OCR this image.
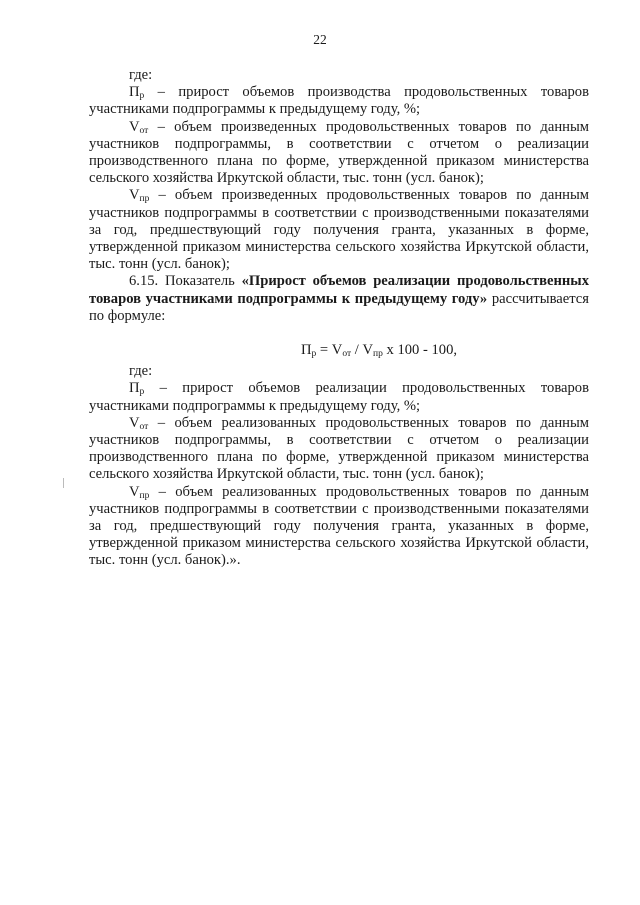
22

где:

$П_р$ – прирост объемов производства продовольственных товаров участниками подпрограммы к предыдущему году, %;

$V_{от}$ – объем произведенных продовольственных товаров по данным участников подпрограммы, в соответствии с отчетом о реализации производственного плана по форме, утвержденной приказом министерства сельского хозяйства Иркутской области, тыс. тонн (усл. банок);

$V_{пр}$ – объем произведенных продовольственных товаров по данным участников подпрограммы в соответствии с производственными показателями за год, предшествующий году получения гранта, указанных в форме, утвержденной приказом министерства сельского хозяйства Иркутской области, тыс. тонн (усл. банок);

6.15. Показатель «Прирост объемов реализации продовольственных товаров участниками подпрограммы к предыдущему году» рассчитывается по формуле:

$П_р = V_{от} / V_{пр}$ х 100 - 100,

где:

$П_р$ – прирост объемов реализации продовольственных товаров участниками подпрограммы к предыдущему году, %;

$V_{от}$ – объем реализованных продовольственных товаров по данным участников подпрограммы, в соответствии с отчетом о реализации производственного плана по форме, утвержденной приказом министерства сельского хозяйства Иркутской области, тыс. тонн (усл. банок);

$V_{пр}$ – объем реализованных продовольственных товаров по данным участников подпрограммы в соответствии с производственными показателями за год, предшествующий году получения гранта, указанных в форме, утвержденной приказом министерства сельского хозяйства Иркутской области, тыс. тонн (усл. банок).».
